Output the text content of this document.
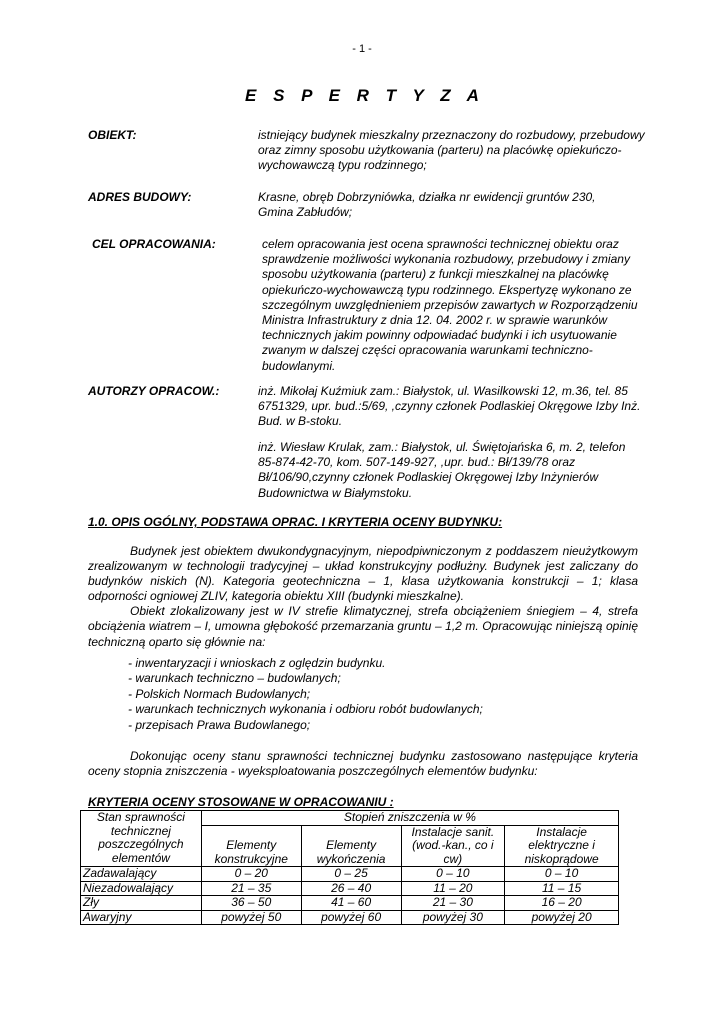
- 1 -
E S P E R T Y Z A
OBIEKT:	istniejący budynek mieszkalny przeznaczony do rozbudowy, przebudowy oraz zimny sposobu użytkowania (parteru) na placówkę opiekuńczo-wychowawczą typu rodzinnego;
ADRES BUDOWY:	Krasne, obręb Dobrzyniówka, działka nr ewidencji gruntów 230, Gmina Zabłudów;
CEL OPRACOWANIA:	celem opracowania jest ocena sprawności technicznej obiektu oraz sprawdzenie możliwości wykonania rozbudowy, przebudowy i zmiany sposobu użytkowania (parteru) z funkcji mieszkalnej na placówkę opiekuńczo-wychowawczą typu rodzinnego. Ekspertyzę wykonano ze szczególnym uwzględnieniem przepisów zawartych w Rozporządzeniu Ministra Infrastruktury z dnia 12. 04. 2002 r. w sprawie warunków technicznych jakim powinny odpowiadać budynki i ich usytuowanie zwanym w dalszej części opracowania warunkami techniczno-budowlanymi.
AUTORZY OPRACOW.:	inż. Mikołaj Kuźmiuk zam.: Białystok, ul. Wasilkowski 12, m.36, tel. 85 6751329, upr. bud.:5/69, ,czynny członek Podlaskiej Okręgowe Izby Inż. Bud. w B-stoku.
inż. Wiesław Krulak, zam.: Białystok, ul. Świętojańska 6, m. 2, telefon 85-874-42-70, kom. 507-149-927, ,upr. bud.: Bł/139/78 oraz Bł/106/90,czynny członek Podlaskiej Okręgowej Izby Inżynierów Budownictwa w Białymstoku.
1.0. OPIS OGÓLNY, PODSTAWA OPRAC. I KRYTERIA OCENY BUDYNKU:

Budynek jest obiektem dwukondygnacyjnym, niepodpiwniczonym z poddaszem nieużytkowym zrealizowanym w technologii tradycyjnej – układ konstrukcyjny podłużny. Budynek jest zaliczany do budynków niskich (N). Kategoria geotechniczna – 1, klasa użytkowania konstrukcji – 1; klasa odporności ogniowej ZLIV, kategoria obiektu XIII (budynki mieszkalne).

Obiekt zlokalizowany jest w IV strefie klimatycznej, strefa obciążeniem śniegiem – 4, strefa obciążenia wiatrem – I, umowna głębokość przemarzania gruntu – 1,2 m. Opracowując niniejszą opinię techniczną oparto się głównie na:

- inwentaryzacji i wnioskach z oględzin budynku.
- warunkach techniczno – budowlanych;
- Polskich Normach Budowlanych;
- warunkach technicznych wykonania i odbioru robót budowlanych;
- przepisach Prawa Budowlanego;

Dokonując oceny stanu sprawności technicznej budynku zastosowano następujące kryteria oceny stopnia zniszczenia - wyeksploatowania poszczególnych elementów budynku:

KRYTERIA OCENY STOSOWANE W OPRACOWANIU :
Stan sprawności technicznej poszczególnych elementów	Stopień zniszczenia w %			
	Elementy konstrukcyjne	Elementy wykończenia	Instalacje sanit. (wod.-kan., co i cw)	Instalacje elektryczne i niskoprądowe
Zadawalający	0 – 20	0 – 25	0 – 10	0 – 10
Niezadowalający	21 – 35	26 – 40	11 – 20	11 – 15
Zły	36 – 50	41 – 60	21 – 30	16 – 20
Awaryjny	powyżej 50	powyżej 60	powyżej 30	powyżej 20
